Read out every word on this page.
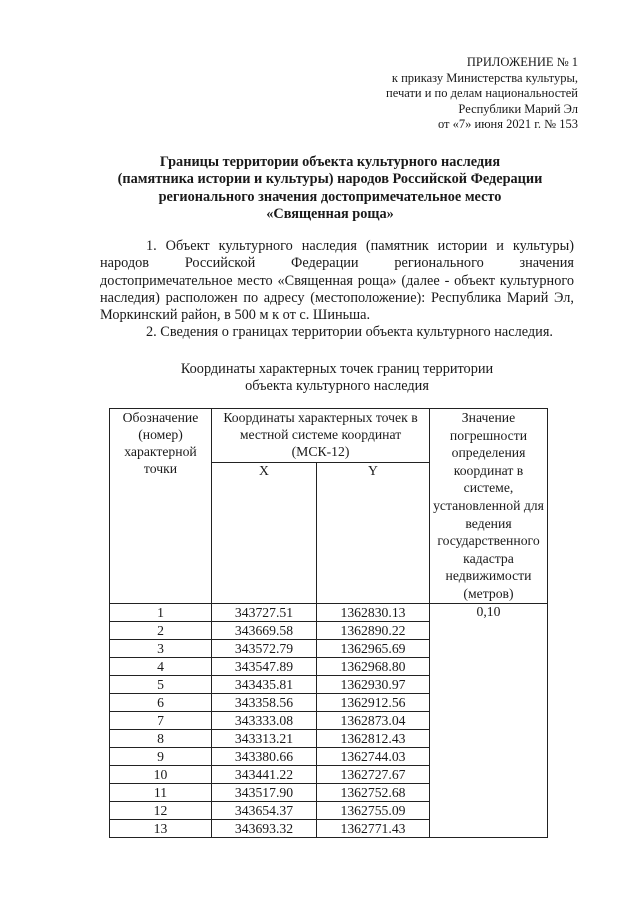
ПРИЛОЖЕНИЕ № 1
к приказу Министерства культуры,
печати и по делам национальностей
Республики Марий Эл
от «7» июня 2021 г. № 153
Границы территории объекта культурного наследия
(памятника истории и культуры) народов Российской Федерации
регионального значения достопримечательное место
«Священная роща»

1. Объект культурного наследия (памятник истории и культуры) народов Российской Федерации регионального значения достопримечательное место «Священная роща» (далее - объект культурного наследия) расположен по адресу (местоположение): Республика Марий Эл, Моркинский район, в 500 м к от с. Шиньша.

2. Сведения о границах территории объекта культурного наследия.

Координаты характерных точек границ территории
объекта культурного наследия
Обозначение (номер) характерной точки	Координаты характерных точек в местной системе координат (МСК-12)		Значение погрешности определения координат в системе, установленной для ведения государственного кадастра недвижимости (метров)
	X	Y	
1	343727.51	1362830.13	0,10
2	343669.58	1362890.22	
3	343572.79	1362965.69	
4	343547.89	1362968.80	
5	343435.81	1362930.97	
6	343358.56	1362912.56	
7	343333.08	1362873.04	
8	343313.21	1362812.43	
9	343380.66	1362744.03	
10	343441.22	1362727.67	
11	343517.90	1362752.68	
12	343654.37	1362755.09	
13	343693.32	1362771.43	
